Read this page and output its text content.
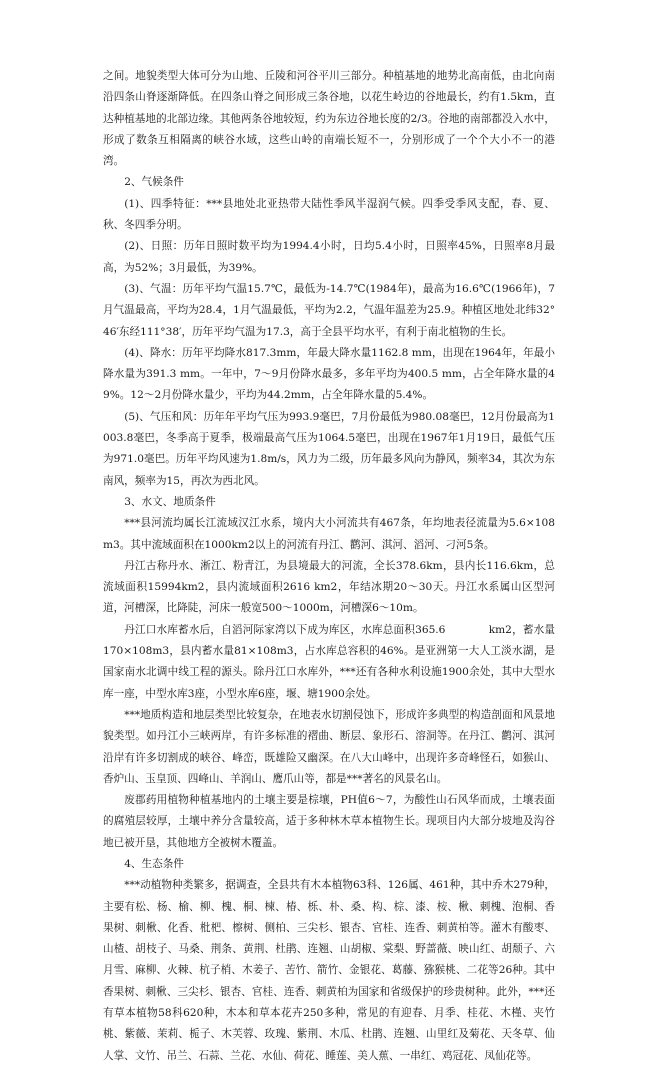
之间。地貌类型大体可分为山地、丘陵和河谷平川三部分。种植基地的地势北高南低，由北向南沿四条山脊逐渐降低。在四条山脊之间形成三条谷地，以花生岭边的谷地最长，约有1.5km，直达种植基地的北部边缘。其他两条谷地较短，约为东边谷地长度的2/3。谷地的南部都没入水中，形成了数条互相隔离的峡谷水域，这些山岭的南端长短不一，分别形成了一个个大小不一的港湾。

2、气候条件

(1)、四季特征：***县地处北亚热带大陆性季风半湿润气候。四季受季风支配，春、夏、秋、冬四季分明。

(2)、日照：历年日照时数平均为1994.4小时，日均5.4小时，日照率45%，日照率8月最高，为52%；3月最低，为39%。

(3)、气温：历年平均气温15.7℃，最低为-14.7℃(1984年)，最高为16.6℃(1966年)，7月气温最高，平均为28.4，1月气温最低，平均为2.2，气温年温差为25.9。种植区地处北纬32°46′东经111°38′，历年平均气温为17.3，高于全县平均水平，有利于南北植物的生长。

(4)、降水：历年平均降水817.3mm，年最大降水量1162.8 mm，出现在1964年，年最小降水量为391.3 mm。一年中，7～9月份降水最多，多年平均为400.5 mm，占全年降水量的49%。12～2月份降水量少，平均为44.2mm，占全年降水量的5.4%。

(5)、气压和风：历年年平均气压为993.9毫巴，7月份最低为980.08毫巴，12月份最高为1003.8毫巴，冬季高于夏季，极端最高气压为1064.5毫巴，出现在1967年1月19日，最低气压为971.0毫巴。历年平均风速为1.8m/s，风力为二级，历年最多风向为静风，频率34，其次为东南风，频率为15，再次为西北风。

3、水文、地质条件

***县河流均属长江流域汉江水系，境内大小河流共有467条，年均地表径流量为5.6×108m3。其中流域面积在1000km2以上的河流有丹江、鹳河、淇河、滔河、刁河5条。

丹江古称丹水、淅江、粉青江，为县境最大的河流，全长378.6km，县内长116.6km，总流域面积15994km2，县内流域面积2616 km2，年结冰期20～30天。丹江水系属山区型河道，河槽深，比降陡，河床一般宽500～1000m，河槽深6～10m。

丹江口水库蓄水后，自滔河际家湾以下成为库区，水库总面积365.6　　　　km2，蓄水量170×108m3，县内蓄水量81×108m3，占水库总容积的46%。是亚洲第一大人工淡水湖，是国家南水北调中线工程的源头。除丹江口水库外，***还有各种水利设施1900余处，其中大型水库一座，中型水库3座，小型水库6座，堰、塘1900余处。

***地质构造和地层类型比较复杂，在地表水切割侵蚀下，形成许多典型的构造剖面和风景地貌类型。如丹江小三峡两岸，有许多标准的褶曲、断层、象形石、溶洞等。在丹江、鹳河、淇河沿岸有许多切割成的峡谷、峰峦，既雄险又幽深。在八大山峰中，出现许多奇峰怪石，如猴山、香炉山、玉皇顶、四峰山、羊润山、鹰爪山等，都是***著名的风景名山。

废郡药用植物种植基地内的土壤主要是棕壤，PH值6～7，为酸性山石风华而成，土壤表面的腐殖层较厚，土壤中养分含量较高，适于多种林木草本植物生长。现项目内大部分坡地及沟谷地已被开垦，其他地方全被树木覆盖。

4、生态条件

***动植物种类繁多，据调查，全县共有木本植物63科、126属、461种，其中乔木279种，主要有松、杨、榆、柳、槐、桐、楝、椿、栎、朴、桑、构、棕、漆、桉、楸、刺槐、泡桐、香果树、刺楸、化香、枇杷、檫树、侧柏、三尖杉、银杏、官桂、连香、刺黄柏等。灌木有酸枣、山楂、胡枝子、马桑、荆条、黄荆、杜鹃、连翘、山胡椒、棠梨、野蔷薇、映山红、胡颓子、六月雪、麻柳、火棘、杭子梢、木姜子、苦竹、箭竹、金银花、葛藤、猕猴桃、二花等26种。其中香果树、刺楸、三尖杉、银杏、官桂、连香、刺黄柏为国家和省级保护的珍贵树种。此外，***还有草本植物58科620种，木本和草本花卉250多种，常见的有迎春、月季、桂花、木槿、夹竹桃、紫薇、茉莉、栀子、木芙蓉、玫瑰、紫荆、木瓜、杜鹃、连翘、山里红及菊花、天冬草、仙人掌、文竹、吊兰、石蒜、兰花、水仙、荷花、睡莲、美人蕉、一串红、鸡冠花、凤仙花等。
